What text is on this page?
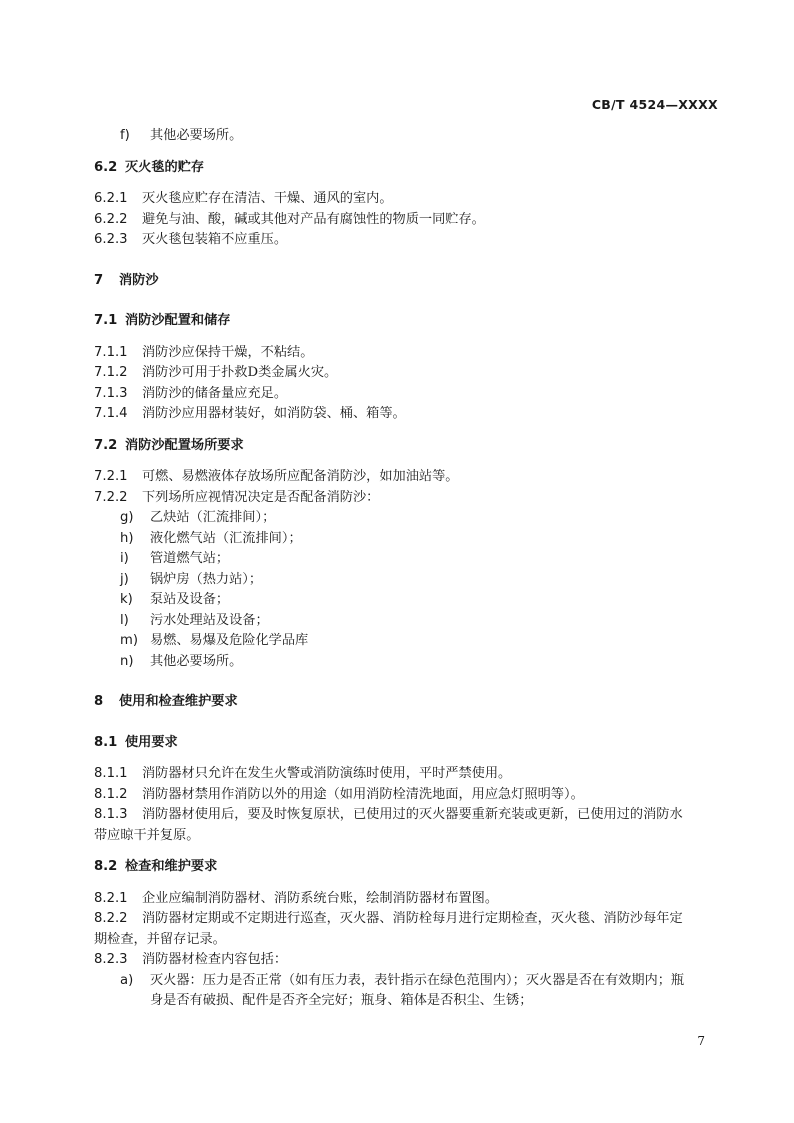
CB/T 4524—XXXX
f) 其他必要场所。
6.2 灭火毯的贮存
6.2.1 灭火毯应贮存在清洁、干燥、通风的室内。
6.2.2 避免与油、酸，碱或其他对产品有腐蚀性的物质一同贮存。
6.2.3 灭火毯包装箱不应重压。
7 消防沙
7.1 消防沙配置和储存
7.1.1 消防沙应保持干燥，不粘结。
7.1.2 消防沙可用于扑救D类金属火灾。
7.1.3 消防沙的储备量应充足。
7.1.4 消防沙应用器材装好，如消防袋、桶、箱等。
7.2 消防沙配置场所要求
7.2.1 可燃、易燃液体存放场所应配备消防沙，如加油站等。
7.2.2 下列场所应视情况决定是否配备消防沙：
g) 乙炔站（汇流排间）；
h) 液化燃气站（汇流排间）；
i) 管道燃气站；
j) 锅炉房（热力站）；
k) 泵站及设备；
l) 污水处理站及设备；
m) 易燃、易爆及危险化学品库
n) 其他必要场所。
8 使用和检查维护要求
8.1 使用要求
8.1.1 消防器材只允许在发生火警或消防演练时使用，平时严禁使用。
8.1.2 消防器材禁用作消防以外的用途（如用消防栓清洗地面，用应急灯照明等）。
8.1.3 消防器材使用后，要及时恢复原状，已使用过的灭火器要重新充装或更新，已使用过的消防水
带应晾干并复原。
8.2 检查和维护要求
8.2.1 企业应编制消防器材、消防系统台账，绘制消防器材布置图。
8.2.2 消防器材定期或不定期进行巡查，灭火器、消防栓每月进行定期检查，灭火毯、消防沙每年定
期检查，并留存记录。
8.2.3 消防器材检查内容包括：
a) 灭火器：压力是否正常（如有压力表，表针指示在绿色范围内）；灭火器是否在有效期内；瓶
身是否有破损、配件是否齐全完好；瓶身、箱体是否积尘、生锈；
7
